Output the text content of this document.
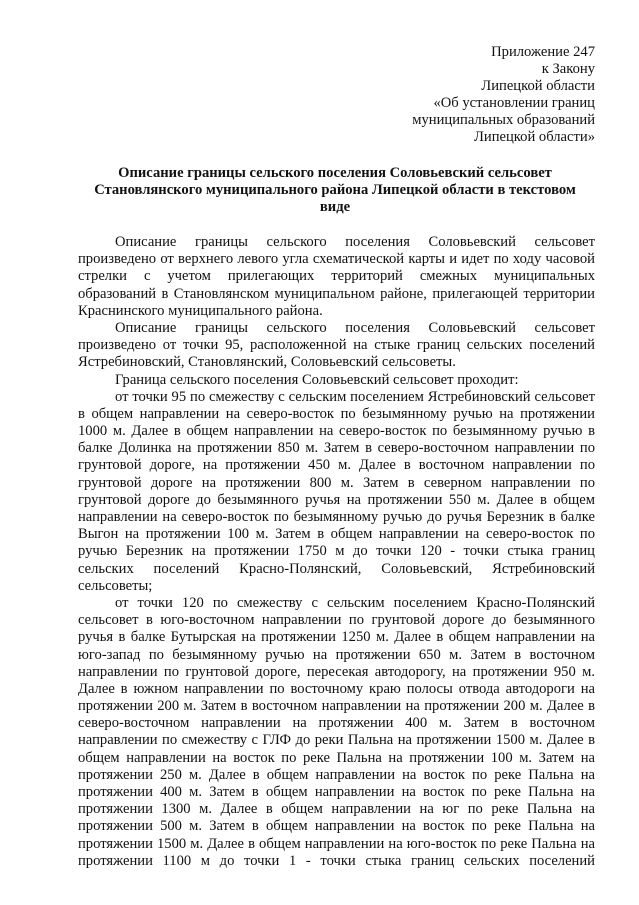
Приложение 247
к Закону
Липецкой области
«Об установлении границ
муниципальных образований
Липецкой области»
Описание границы сельского поселения Соловьевский сельсовет
Становлянского муниципального района Липецкой области в текстовом
виде

Описание границы сельского поселения Соловьевский сельсовет произведено от верхнего левого угла схематической карты и идет по ходу часовой стрелки с учетом прилегающих территорий смежных муниципальных образований в Становлянском муниципальном районе, прилегающей территории Краснинского муниципального района.

Описание границы сельского поселения Соловьевский сельсовет произведено от точки 95, расположенной на стыке границ сельских поселений Ястребиновский, Становлянский, Соловьевский сельсоветы.

Граница сельского поселения Соловьевский сельсовет проходит:

от точки 95 по смежеству с сельским поселением Ястребиновский сельсовет в общем направлении на северо-восток по безымянному ручью на протяжении 1000 м. Далее в общем направлении на северо-восток по безымянному ручью в балке Долинка на протяжении 850 м. Затем в северо-восточном направлении по грунтовой дороге, на протяжении 450 м. Далее в восточном направлении по грунтовой дороге на протяжении 800 м. Затем в северном направлении по грунтовой дороге до безымянного ручья на протяжении 550 м. Далее в общем направлении на северо-восток по безымянному ручью до ручья Березник в балке Выгон на протяжении 100 м. Затем в общем направлении на северо-восток по ручью Березник на протяжении 1750 м до точки 120 - точки стыка границ сельских поселений Красно-Полянский, Соловьевский, Ястребиновский сельсоветы;

от точки 120 по смежеству с сельским поселением Красно-Полянский сельсовет в юго-восточном направлении по грунтовой дороге до безымянного ручья в балке Бутырская на протяжении 1250 м. Далее в общем направлении на юго-запад по безымянному ручью на протяжении 650 м. Затем в восточном направлении по грунтовой дороге, пересекая автодорогу, на протяжении 950 м. Далее в южном направлении по восточному краю полосы отвода автодороги на протяжении 200 м. Затем в восточном направлении на протяжении 200 м. Далее в северо-восточном направлении на протяжении 400 м. Затем в восточном направлении по смежеству с ГЛФ до реки Пальна на протяжении 1500 м. Далее в общем направлении на восток по реке Пальна на протяжении 100 м. Затем на протяжении 250 м. Далее в общем направлении на восток по реке Пальна на протяжении 400 м. Затем в общем направлении на восток по реке Пальна на протяжении 1300 м. Далее в общем направлении на юг по реке Пальна на протяжении 500 м. Затем в общем направлении на восток по реке Пальна на протяжении 1500 м. Далее в общем направлении на юго-восток по реке Пальна на протяжении 1100 м до точки 1 - точки стыка границ сельских поселений
